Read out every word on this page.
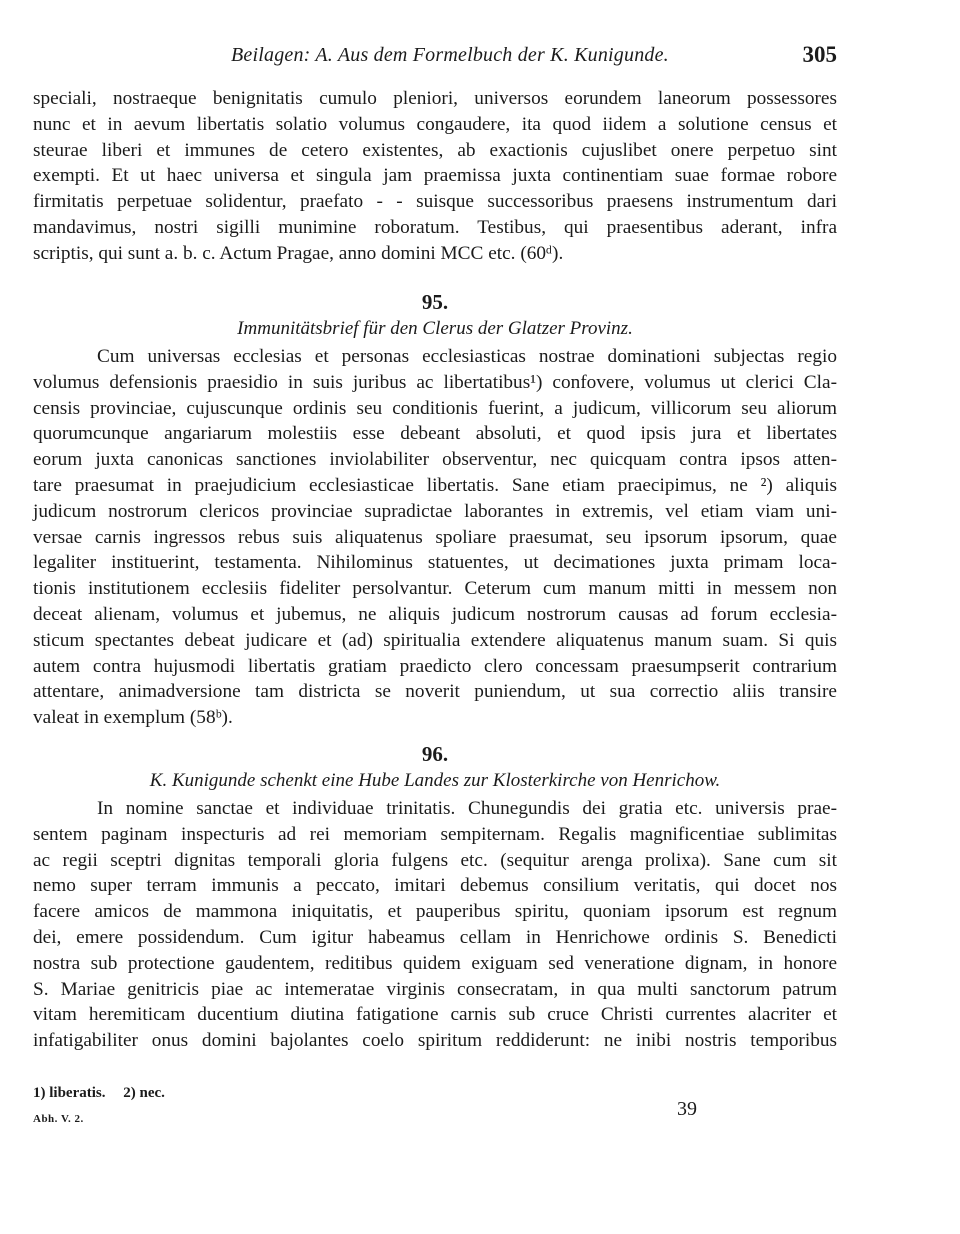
Beilagen: A. Aus dem Formelbuch der K. Kunigunde.	305
speciali, nostraeque benignitatis cumulo pleniori, universos eorundem laneorum possessores
nunc et in aevum libertatis solatio volumus congaudere, ita quod iidem a solutione census et
steurae liberi et immunes de cetero existentes, ab exactionis cujuslibet onere perpetuo sint
exempti. Et ut haec universa et singula jam praemissa juxta continentiam suae formae robore
firmitatis perpetuae solidentur, praefato - - suisque successoribus praesens instrumentum dari
mandavimus, nostri sigilli munimine roboratum. Testibus, qui praesentibus aderant, infra
scriptis, qui sunt a. b. c. Actum Pragae, anno domini MCC etc. (60ᵈ).
95.
Immunitätsbrief für den Clerus der Glatzer Provinz.
Cum universas ecclesias et personas ecclesiasticas nostrae dominationi subjectas regio
volumus defensionis praesidio in suis juribus ac libertatibus¹) confovere, volumus ut clerici Cla-
censis provinciae, cujuscunque ordinis seu conditionis fuerint, a judicum, villicorum seu aliorum
quorumcunque angariarum molestiis esse debeant absoluti, et quod ipsis jura et libertates
eorum juxta canonicas sanctiones inviolabiliter observentur, nec quicquam contra ipsos atten-
tare praesumat in praejudicium ecclesiasticae libertatis. Sane etiam praecipimus, ne ²) aliquis
judicum nostrorum clericos provinciae supradictae laborantes in extremis, vel etiam viam uni-
versae carnis ingressos rebus suis aliquatenus spoliare praesumat, seu ipsorum ipsorum, quae
legaliter instituerint, testamenta. Nihilominus statuentes, ut decimationes juxta primam loca-
tionis institutionem ecclesiis fideliter persolvantur. Ceterum cum manum mitti in messem non
deceat alienam, volumus et jubemus, ne aliquis judicum nostrorum causas ad forum ecclesia-
sticum spectantes debeat judicare et (ad) spiritualia extendere aliquatenus manum suam. Si quis
autem contra hujusmodi libertatis gratiam praedicto clero concessam praesumpserit contrarium
attentare, animadversione tam districta se noverit puniendum, ut sua correctio aliis transire
valeat in exemplum (58ᵇ).
96.
K. Kunigunde schenkt eine Hube Landes zur Klosterkirche von Henrichow.
In nomine sanctae et individuae trinitatis. Chunegundis dei gratia etc. universis prae-
sentem paginam inspecturis ad rei memoriam sempiternam. Regalis magnificentiae sublimitas
ac regii sceptri dignitas temporali gloria fulgens etc. (sequitur arenga prolixa). Sane cum sit
nemo super terram immunis a peccato, imitari debemus consilium veritatis, qui docet nos
facere amicos de mammona iniquitatis, et pauperibus spiritu, quoniam ipsorum est regnum
dei, emere possidendum. Cum igitur habeamus cellam in Henrichowe ordinis S. Benedicti
nostra sub protectione gaudentem, reditibus quidem exiguam sed veneratione dignam, in honore
S. Mariae genitricis piae ac intemeratae virginis consecratam, in qua multi sanctorum patrum
vitam heremiticam ducentium diutina fatigatione carnis sub cruce Christi currentes alacriter et
infatigabiliter onus domini bajolantes coelo spiritum reddiderunt: ne inibi nostris temporibus
1) liberatis. 2) nec.
Abh. V. 2.	39
